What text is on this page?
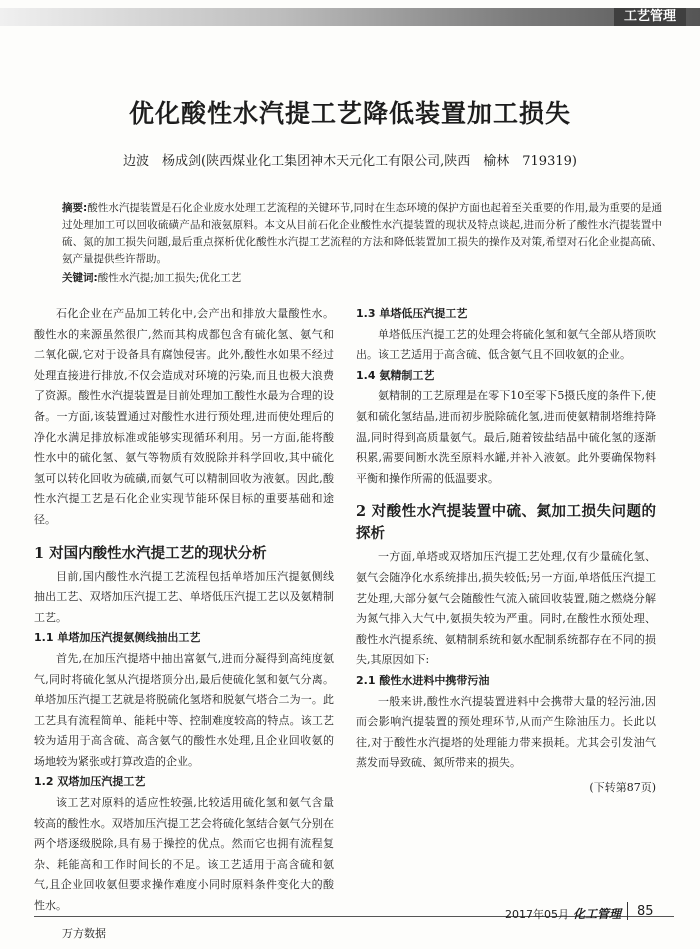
工艺管理
优化酸性水汽提工艺降低装置加工损失
边波　杨成剑(陕西煤业化工集团神木天元化工有限公司,陕西　榆林　719319)
摘要:酸性水汽提装置是石化企业废水处理工艺流程的关键环节,同时在生态环境的保护方面也起着至关重要的作用,最为重要的是通过处理加工可以回收硫磺产品和液氨原料。本文从目前石化企业酸性水汽提装置的现状及特点谈起,进而分析了酸性水汽提装置中硫、氮的加工损失问题,最后重点探析优化酸性水汽提工艺流程的方法和降低装置加工损失的操作及对策,希望对石化企业提高硫、氨产量提供些许帮助。
关键词:酸性水汽提;加工损失;优化工艺

石化企业在产品加工转化中,会产出和排放大量酸性水。酸性水的来源虽然很广,然而其构成都包含有硫化氢、氨气和二氧化碳,它对于设备具有腐蚀侵害。此外,酸性水如果不经过处理直接进行排放,不仅会造成对环境的污染,而且也极大浪费了资源。酸性水汽提装置是目前处理加工酸性水最为合理的设备。一方面,该装置通过对酸性水进行预处理,进而使处理后的净化水满足排放标准或能够实现循环利用。另一方面,能将酸性水中的硫化氢、氨气等物质有效脱除并科学回收,其中硫化氢可以转化回收为硫磺,而氨气可以精制回收为液氨。因此,酸性水汽提工艺是石化企业实现节能环保目标的重要基础和途径。

1 对国内酸性水汽提工艺的现状分析

目前,国内酸性水汽提工艺流程包括单塔加压汽提氨侧线抽出工艺、双塔加压汽提工艺、单塔低压汽提工艺以及氨精制工艺。

1.1 单塔加压汽提氨侧线抽出工艺

首先,在加压汽提塔中抽出富氨气,进而分凝得到高纯度氨气,同时将硫化氢从汽提塔顶分出,最后使硫化氢和氨气分离。单塔加压汽提工艺就是将脱硫化氢塔和脱氨气塔合二为一。此工艺具有流程简单、能耗中等、控制难度较高的特点。该工艺较为适用于高含硫、高含氨气的酸性水处理,且企业回收氨的场地较为紧张或打算改造的企业。

1.2 双塔加压汽提工艺

该工艺对原料的适应性较强,比较适用硫化氢和氨气含量较高的酸性水。双塔加压汽提工艺会将硫化氢结合氨气分别在两个塔逐级脱除,具有易于操控的优点。然而它也拥有流程复杂、耗能高和工作时间长的不足。该工艺适用于高含硫和氨气,且企业回收氨但要求操作难度小同时原料条件变化大的酸性水。

1.3 单塔低压汽提工艺

单塔低压汽提工艺的处理会将硫化氢和氨气全部从塔顶吹出。该工艺适用于高含硫、低含氨气且不回收氨的企业。

1.4 氨精制工艺

氨精制的工艺原理是在零下10至零下5摄氏度的条件下,使氨和硫化氢结晶,进而初步脱除硫化氢,进而使氨精制塔维持降温,同时得到高质量氨气。最后,随着铵盐结晶中硫化氢的逐渐积累,需要间断水洗至原料水罐,并补入液氨。此外要确保物料平衡和操作所需的低温要求。

2 对酸性水汽提装置中硫、氮加工损失问题的探析

一方面,单塔或双塔加压汽提工艺处理,仅有少量硫化氢、氨气会随净化水系统排出,损失较低;另一方面,单塔低压汽提工艺处理,大部分氨气会随酸性气流入硫回收装置,随之燃烧分解为氮气排入大气中,氨损失较为严重。同时,在酸性水预处理、酸性水汽提系统、氨精制系统和氨水配制系统都存在不同的损失,其原因如下:

2.1 酸性水进料中携带污油

一般来讲,酸性水汽提装置进料中会携带大量的轻污油,因而会影响汽提装置的预处理环节,从而产生除油压力。长此以往,对于酸性水汽提塔的处理能力带来损耗。尤其会引发油气蒸发而导致硫、氮所带来的损失。

(下转第87页)

万方数据
2017年05月 化工管理 85
